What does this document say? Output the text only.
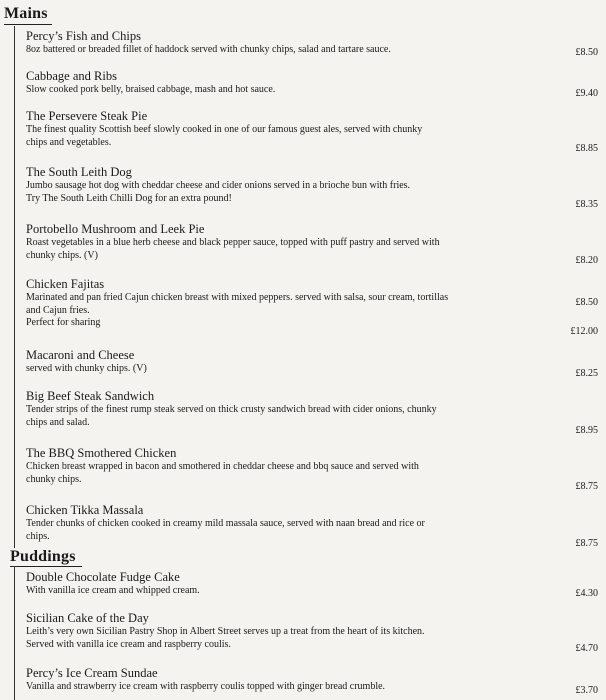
Mains
Percy’s Fish and Chips
8oz battered or breaded fillet of haddock served with chunky chips, salad and tartare sauce.	£8.50
Cabbage and Ribs
Slow cooked pork belly, braised cabbage, mash and hot sauce.	£9.40
The Persevere Steak Pie
The finest quality Scottish beef slowly cooked in one of our famous guest ales, served with chunky
chips and vegetables.
£8.85
The South Leith Dog
Jumbo sausage hot dog with cheddar cheese and cider onions served in a brioche bun with fries.
Try The South Leith Chilli Dog for an extra pound!
£8.35
Portobello Mushroom and Leek Pie
Roast vegetables in a blue herb cheese and black pepper sauce, topped with puff pastry and served with
chunky chips. (V)	£8.20
Chicken Fajitas
Marinated and pan fried Cajun chicken breast with mixed peppers. served with salsa, sour cream, tortillas
and Cajun fries.
Perfect for sharing
£8.50
£12.00
Macaroni and Cheese
served with chunky chips. (V)	£8.25
Big Beef Steak Sandwich
Tender strips of the finest rump steak served on thick crusty sandwich bread with cider onions, chunky
chips and salad.
£8.95
The BBQ Smothered Chicken
Chicken breast wrapped in bacon and smothered in cheddar cheese and bbq sauce and served with
chunky chips.
£8.75
Chicken Tikka Massala
Tender chunks of chicken cooked in creamy mild massala sauce, served with naan bread and rice or
chips.
£8.75
Puddings
Double Chocolate Fudge Cake
With vanilla ice cream and whipped cream.	£4.30
Sicilian Cake of the Day
Leith’s very own Sicilian Pastry Shop in Albert Street serves up a treat from the heart of its kitchen.
Served with vanilla ice cream and raspberry coulis.	£4.70
Percy’s Ice Cream Sundae
Vanilla and strawberry ice cream with raspberry coulis topped with ginger bread crumble.	£3.70
